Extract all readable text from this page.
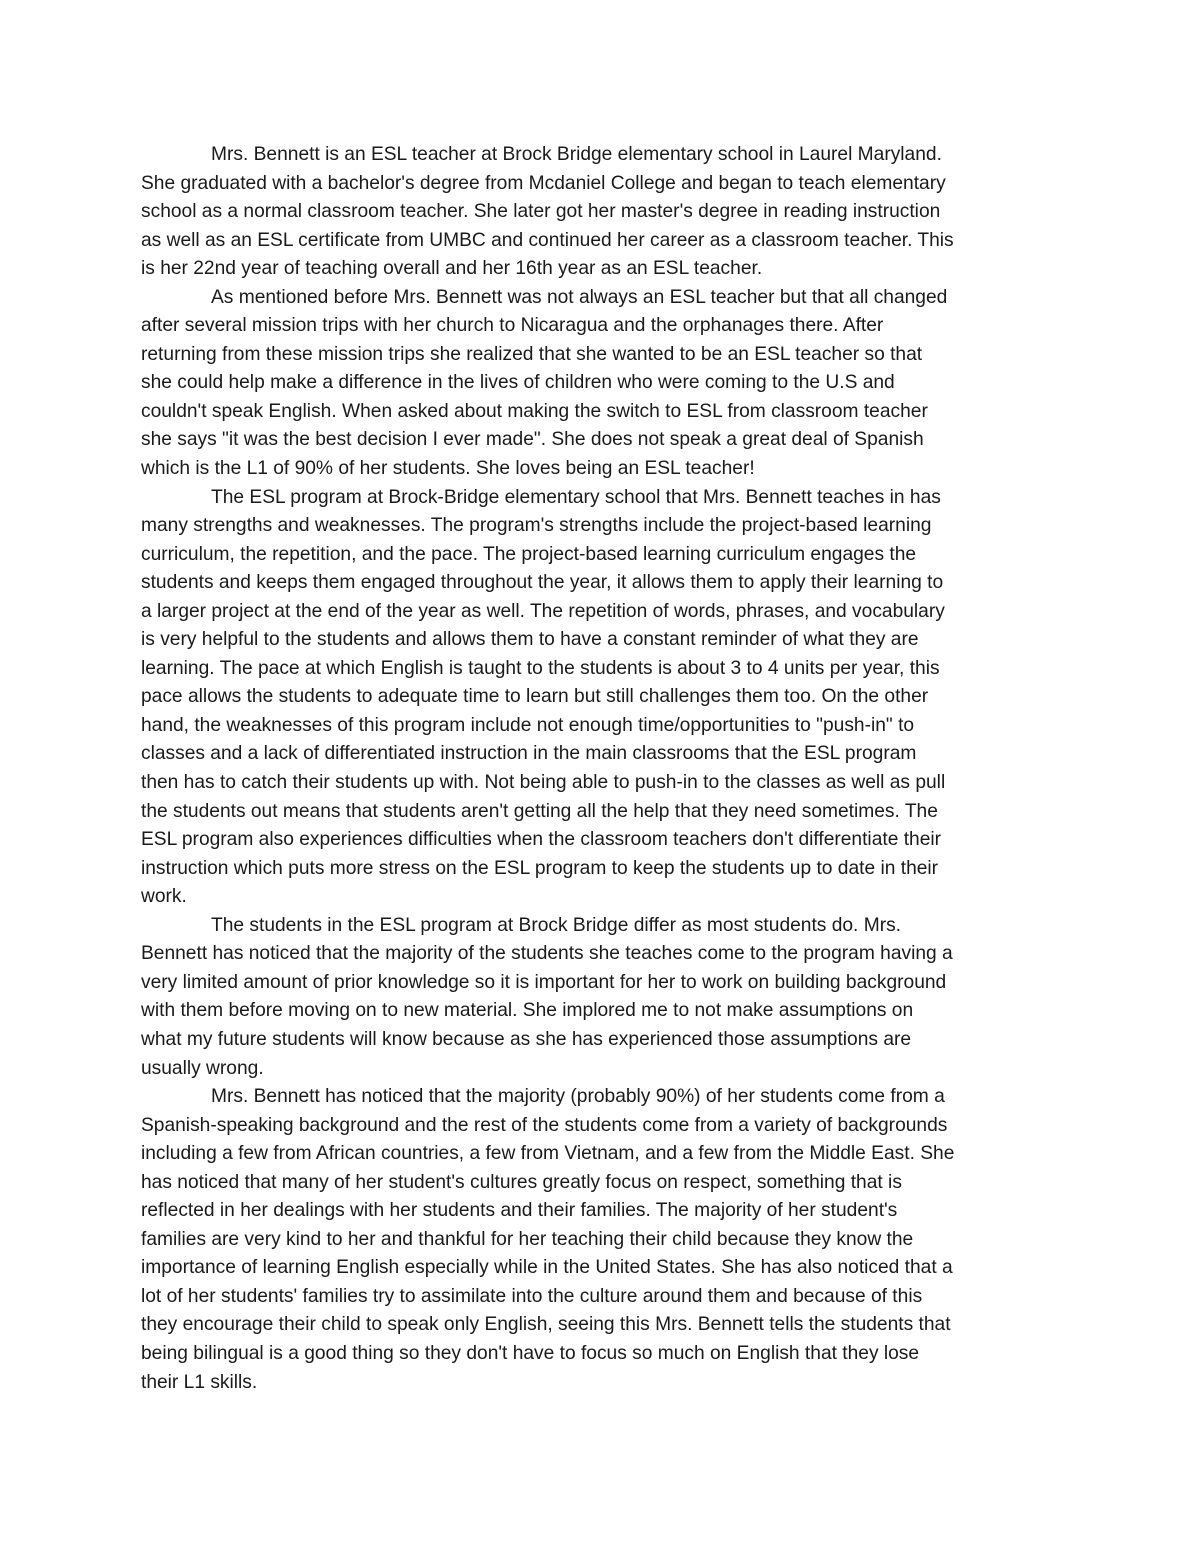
Mrs. Bennett is an ESL teacher at Brock Bridge elementary school in Laurel Maryland.
She graduated with a bachelor's degree from Mcdaniel College and began to teach elementary
school as a normal classroom teacher. She later got her master's degree in reading instruction
as well as an ESL certificate from UMBC and continued her career as a classroom teacher. This
is her 22nd year of teaching overall and her 16th year as an ESL teacher.
As mentioned before Mrs. Bennett was not always an ESL teacher but that all changed
after several mission trips with her church to Nicaragua and the orphanages there. After
returning from these mission trips she realized that she wanted to be an ESL teacher so that
she could help make a difference in the lives of children who were coming to the U.S and
couldn't speak English. When asked about making the switch to ESL from classroom teacher
she says "it was the best decision I ever made". She does not speak a great deal of Spanish
which is the L1 of 90% of her students. She loves being an ESL teacher!
The ESL program at Brock-Bridge elementary school that Mrs. Bennett teaches in has
many strengths and weaknesses. The program's strengths include the project-based learning
curriculum, the repetition, and the pace. The project-based learning curriculum engages the
students and keeps them engaged throughout the year, it allows them to apply their learning to
a larger project at the end of the year as well. The repetition of words, phrases, and vocabulary
is very helpful to the students and allows them to have a constant reminder of what they are
learning. The pace at which English is taught to the students is about 3 to 4 units per year, this
pace allows the students to adequate time to learn but still challenges them too. On the other
hand, the weaknesses of this program include not enough time/opportunities to "push-in" to
classes and a lack of differentiated instruction in the main classrooms that the ESL program
then has to catch their students up with. Not being able to push-in to the classes as well as pull
the students out means that students aren't getting all the help that they need sometimes. The
ESL program also experiences difficulties when the classroom teachers don't differentiate their
instruction which puts more stress on the ESL program to keep the students up to date in their
work.
The students in the ESL program at Brock Bridge differ as most students do. Mrs.
Bennett has noticed that the majority of the students she teaches come to the program having a
very limited amount of prior knowledge so it is important for her to work on building background
with them before moving on to new material. She implored me to not make assumptions on
what my future students will know because as she has experienced those assumptions are
usually wrong.
Mrs. Bennett has noticed that the majority (probably 90%) of her students come from a
Spanish-speaking background and the rest of the students come from a variety of backgrounds
including a few from African countries, a few from Vietnam, and a few from the Middle East. She
has noticed that many of her student's cultures greatly focus on respect, something that is
reflected in her dealings with her students and their families. The majority of her student's
families are very kind to her and thankful for her teaching their child because they know the
importance of learning English especially while in the United States. She has also noticed that a
lot of her students' families try to assimilate into the culture around them and because of this
they encourage their child to speak only English, seeing this Mrs. Bennett tells the students that
being bilingual is a good thing so they don't have to focus so much on English that they lose
their L1 skills.
